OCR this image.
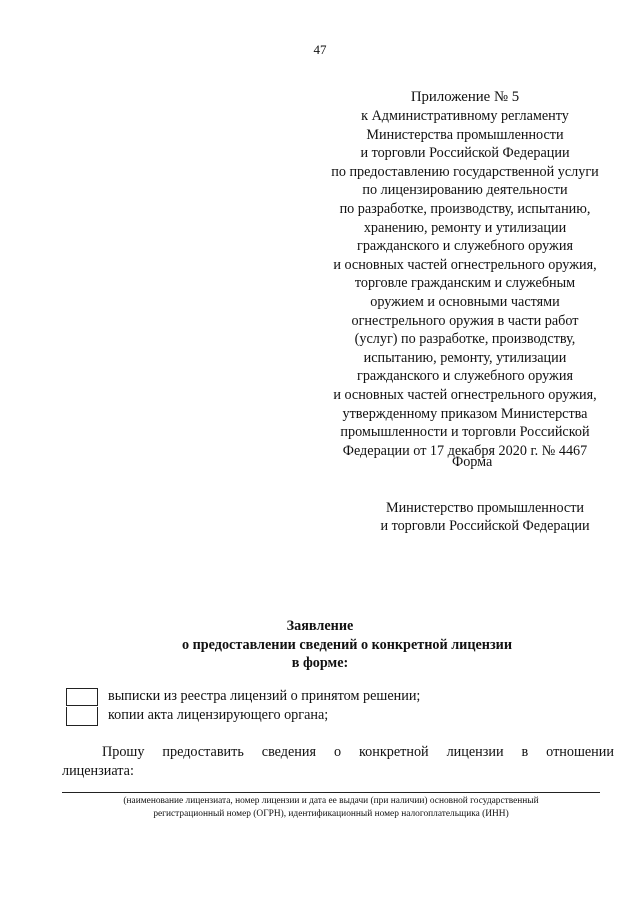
47
Приложение № 5
к Административному регламенту
Министерства промышленности
и торговли Российской Федерации
по предоставлению государственной услуги
по лицензированию деятельности
по разработке, производству, испытанию,
хранению, ремонту и утилизации
гражданского и служебного оружия
и основных частей огнестрельного оружия,
торговле гражданским и служебным
оружием и основными частями
огнестрельного оружия в части работ
(услуг) по разработке, производству,
испытанию, ремонту, утилизации
гражданского и служебного оружия
и основных частей огнестрельного оружия,
утвержденному приказом Министерства
промышленности и торговли Российской
Федерации от 17 декабря 2020 г. № 4467
Форма
Министерство промышленности
и торговли Российской Федерации
Заявление
о предоставлении сведений о конкретной лицензии
в форме:
выписки из реестра лицензий о принятом решении;
копии акта лицензирующего органа;
Прошу предоставить сведения о конкретной лицензии в отношении
лицензиата:
(наименование лицензиата, номер лицензии и дата ее выдачи (при наличии) основной государственный
регистрационный номер (ОГРН), идентификационный номер налогоплательщика (ИНН)
